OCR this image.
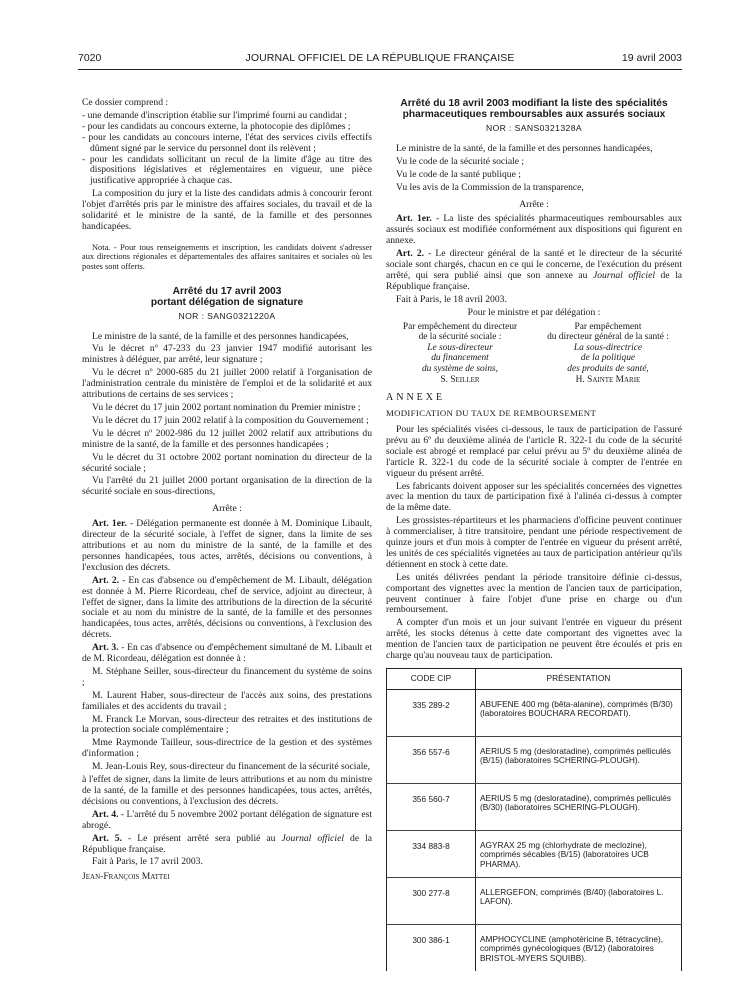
7020	JOURNAL OFFICIEL DE LA RÉPUBLIQUE FRANÇAISE	19 avril 2003

Ce dossier comprend :

- une demande d'inscription établie sur l'imprimé fourni au candidat ;
- pour les candidats au concours externe, la photocopie des diplômes ;
- pour les candidats au concours interne, l'état des services civils effectifs dûment signé par le service du personnel dont ils relèvent ;
- pour les candidats sollicitant un recul de la limite d'âge au titre des dispositions législatives et réglementaires en vigueur, une pièce justificative appropriée à chaque cas.

La composition du jury et la liste des candidats admis à concourir feront l'objet d'arrêtés pris par le ministre des affaires sociales, du travail et de la solidarité et le ministre de la santé, de la famille et des personnes handicapées.

Nota. - Pour tous renseignements et inscription, les candidats doivent s'adresser aux directions régionales et départementales des affaires sanitaires et sociales où les postes sont offerts.

Arrêté du 17 avril 2003
portant délégation de signature
NOR : SANG0321220A

Le ministre de la santé, de la famille et des personnes handicapées,

Vu le décret nº 47-233 du 23 janvier 1947 modifié autorisant les ministres à déléguer, par arrêté, leur signature ;

Vu le décret nº 2000-685 du 21 juillet 2000 relatif à l'organisation de l'administration centrale du ministère de l'emploi et de la solidarité et aux attributions de certains de ses services ;

Vu le décret du 17 juin 2002 portant nomination du Premier ministre ;

Vu le décret du 17 juin 2002 relatif à la composition du Gouvernement ;

Vu le décret nº 2002-986 du 12 juillet 2002 relatif aux attributions du ministre de la santé, de la famille et des personnes handicapées ;

Vu le décret du 31 octobre 2002 portant nomination du directeur de la sécurité sociale ;

Vu l'arrêté du 21 juillet 2000 portant organisation de la direction de la sécurité sociale en sous-directions,

Arrête :

Art. 1er. - Délégation permanente est donnée à M. Dominique Libault, directeur de la sécurité sociale, à l'effet de signer, dans la limite de ses attributions et au nom du ministre de la santé, de la famille et des personnes handicapées, tous actes, arrêtés, décisions ou conventions, à l'exclusion des décrets.

Art. 2. - En cas d'absence ou d'empêchement de M. Libault, délégation est donnée à M. Pierre Ricordeau, chef de service, adjoint au directeur, à l'effet de signer, dans la limite des attributions de la direction de la sécurité sociale et au nom du ministre de la santé, de la famille et des personnes handicapées, tous actes, arrêtés, décisions ou conventions, à l'exclusion des décrets.

Art. 3. - En cas d'absence ou d'empêchement simultané de M. Libault et de M. Ricordeau, délégation est donnée à :

M. Stéphane Seiller, sous-directeur du financement du système de soins ;

M. Laurent Haber, sous-directeur de l'accès aux soins, des prestations familiales et des accidents du travail ;

M. Franck Le Morvan, sous-directeur des retraites et des institutions de la protection sociale complémentaire ;

Mme Raymonde Tailleur, sous-directrice de la gestion et des systèmes d'information ;

M. Jean-Louis Rey, sous-directeur du financement de la sécurité sociale,

à l'effet de signer, dans la limite de leurs attributions et au nom du ministre de la santé, de la famille et des personnes handicapées, tous actes, arrêtés, décisions ou conventions, à l'exclusion des décrets.

Art. 4. - L'arrêté du 5 novembre 2002 portant délégation de signature est abrogé.

Art. 5. - Le présent arrêté sera publié au Journal officiel de la République française.

Fait à Paris, le 17 avril 2003.

Jean-François Mattei

Arrêté du 18 avril 2003 modifiant la liste des spécialités pharmaceutiques remboursables aux assurés sociaux
NOR : SANS0321328A

Le ministre de la santé, de la famille et des personnes handicapées,

Vu le code de la sécurité sociale ;

Vu le code de la santé publique ;

Vu les avis de la Commission de la transparence,

Arrête :

Art. 1er. - La liste des spécialités pharmaceutiques remboursables aux assurés sociaux est modifiée conformément aux dispositions qui figurent en annexe.

Art. 2. - Le directeur général de la santé et le directeur de la sécurité sociale sont chargés, chacun en ce qui le concerne, de l'exécution du présent arrêté, qui sera publié ainsi que son annexe au Journal officiel de la République française.

Fait à Paris, le 18 avril 2003.

Pour le ministre et par délégation :

Par empêchement du directeur
de la sécurité sociale :
Le sous-directeur
du financement
du système de soins,
S. Seiller
Par empêchement
du directeur général de la santé :
La sous-directrice
de la politique
des produits de santé,
H. Sainte Marie

ANNEXE

MODIFICATION DU TAUX DE REMBOURSEMENT

Pour les spécialités visées ci-dessous, le taux de participation de l'assuré prévu au 6º du deuxième alinéa de l'article R. 322-1 du code de la sécurité sociale est abrogé et remplacé par celui prévu au 5º du deuxième alinéa de l'article R. 322-1 du code de la sécurité sociale à compter de l'entrée en vigueur du présent arrêté.

Les fabricants doivent apposer sur les spécialités concernées des vignettes avec la mention du taux de participation fixé à l'alinéa ci-dessus à compter de la même date.

Les grossistes-répartiteurs et les pharmaciens d'officine peuvent continuer à commercialiser, à titre transitoire, pendant une période respectivement de quinze jours et d'un mois à compter de l'entrée en vigueur du présent arrêté, les unités de ces spécialités vignetées au taux de participation antérieur qu'ils détiennent en stock à cette date.

Les unités délivrées pendant la période transitoire définie ci-dessus, comportant des vignettes avec la mention de l'ancien taux de participation, peuvent continuer à faire l'objet d'une prise en charge ou d'un remboursement.

A compter d'un mois et un jour suivant l'entrée en vigueur du présent arrêté, les stocks détenus à cette date comportant des vignettes avec la mention de l'ancien taux de participation ne peuvent être écoulés et pris en charge qu'au nouveau taux de participation.

CODE CIP	PRÉSENTATION
335 289-2	ABUFENE 400 mg (bêta-alanine), comprimés (B/30) (laboratoires BOUCHARA RECORDATI).
356 557-6	AERIUS 5 mg (desloratadine), comprimés pelliculés (B/15) (laboratoires SCHERING-PLOUGH).
356 560-7	AERIUS 5 mg (desloratadine), comprimés pelliculés (B/30) (laboratoires SCHERING-PLOUGH).
334 883-8	AGYRAX 25 mg (chlorhydrate de meclozine), comprimés sécables (B/15) (laboratoires UCB PHARMA).
300 277-8	ALLERGEFON, comprimés (B/40) (laboratoires L. LAFON).
300 386-1	AMPHOCYCLINE (amphotéricine B, tétracycline), comprimés gynécologiques (B/12) (laboratoires BRISTOL-MYERS SQUIBB).
